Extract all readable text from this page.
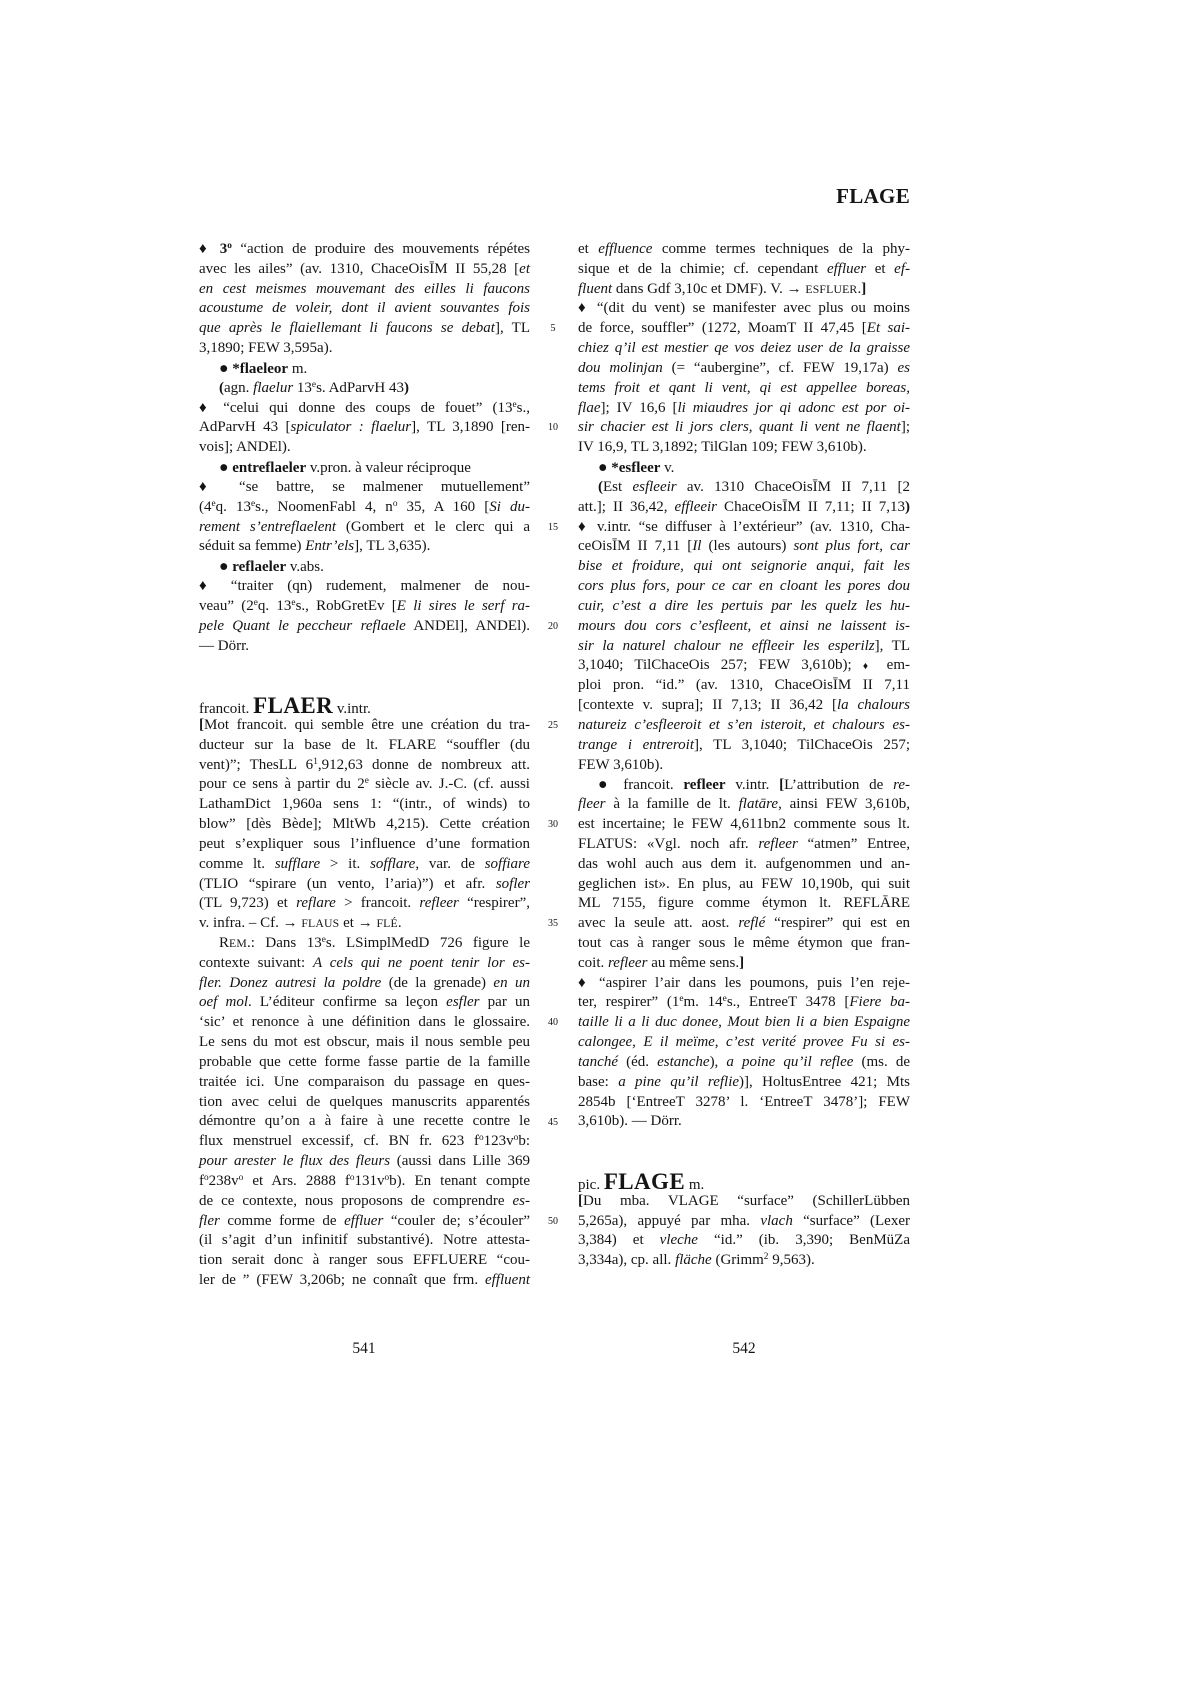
FLAGE
♦ 3$^o$ “action de produire des mouvements répétes
avec les ailes” (av. 1310, ChaceOisĪM II 55,28 [et
en cest meismes mouvemant des eilles li faucons
acoustume de voleir, dont il avient souvantes fois
que après le flaiellemant li faucons se debat], TL
3,1890; FEW 3,595a).
● *flaeleor m.
(agn. flaelur 13es. AdParvH 43)
♦ “celui qui donne des coups de fouet” (13es.,
AdParvH 43 [spiculator : flaelur], TL 3,1890 [ren-
vois]; ANDEl).
● entreflaeler v.pron. à valeur réciproque
♦ “se battre, se malmener mutuellement”
(4eq. 13es., NoomenFabl 4, $n^o$ 35, A 160 [Si du-
rement s’entreflaelent (Gombert et le clerc qui a
séduit sa femme) Entr’els], TL 3,635).
● reflaeler v.abs.
♦ “traiter (qn) rudement, malmener de nou-
veau” (2eq. 13es., RobGretEv [E li sires le serf ra-
pele Quant le peccheur reflaele ANDEl], ANDEl).
— Dörr.
francoit. FLAER v.intr.
[Mot francoit. qui semble être une création du tra-
ducteur sur la base de lt. FLARE “souffler (du
vent)”; ThesLL $6^1,912,63$ donne de nombreux att.
pour ce sens à partir du 2e siècle av. J.-C. (cf. aussi
LathamDict 1,960a sens 1: “(intr., of winds) to
blow” [dès Bède]; MltWb 4,215). Cette création
peut s’expliquer sous l’influence d’une formation
comme lt. sufflare > it. sofflare, var. de soffiare
(TLIO “spirare (un vento, l’aria)”) et afr. sofler
(TL 9,723) et reflare > francoit. refleer “respirer”,
v. infra. – Cf. → FLAUS et → FLÉ.
REM.: Dans 13es. LSimplMedD 726 figure le
contexte suivant: A cels qui ne poent tenir lor es-
fler. Donez autresi la poldre (de la grenade) en un
oef mol. L’éditeur confirme sa leçon esfler par un
‘sic’ et renonce à une définition dans le glossaire.
Le sens du mot est obscur, mais il nous semble peu
probable que cette forme fasse partie de la famille
traitée ici. Une comparaison du passage en ques-
tion avec celui de quelques manuscrits apparentés
démontre qu’on a à faire à une recette contre le
flux menstruel excessif, cf. BN fr. 623 $f^o123v^ob$:
pour arester le flux des fleurs (aussi dans Lille 369
$f^o238v^o$ et Ars. 2888 $f^o131v^ob$). En tenant compte
de ce contexte, nous proposons de comprendre es-
fler comme forme de effluer “couler de; s’écouler”
(il s’agit d’un infinitif substantivé). Notre attesta-
tion serait donc à ranger sous EFFLUERE “cou-
ler de ” (FEW 3,206b; ne connaît que frm. effluent
5
10
15
20
25
30
35
40
45
50
et effluence comme termes techniques de la phy-
sique et de la chimie; cf. cependant effluer et ef-
fluent dans Gdf 3,10c et DMF). V. → ESFLUER.]
♦ “(dit du vent) se manifester avec plus ou moins
de force, souffler” (1272, MoamT II 47,45 [Et sai-
chiez q’il est mestier qe vos deiez user de la graisse
dou molinjan (= “aubergine”, cf. FEW 19,17a) es
tems froit et qant li vent, qi est appellee boreas,
flae]; IV 16,6 [li miaudres jor qi adonc est por oi-
sir chacier est li jors clers, quant li vent ne flaent];
IV 16,9, TL 3,1892; TilGlan 109; FEW 3,610b).
● *esfleer v.
(Est esfleeir av. 1310 ChaceOisĪM II 7,11 [2
att.]; II 36,42, effleeir ChaceOisĪM II 7,11; II 7,13)
♦ v.intr. “se diffuser à l’extérieur” (av. 1310, Cha-
ceOisĪM II 7,11 [Il (les autours) sont plus fort, car
bise et froidure, qui ont seignorie anqui, fait les
cors plus fors, pour ce car en cloant les pores dou
cuir, c’est a dire les pertuis par les quelz les hu-
mours dou cors c’esfleent, et ainsi ne laissent is-
sir la naturel chalour ne effleeir les esperilz], TL
3,1040; TilChaceOis 257; FEW 3,610b); ♦ em-
ploi pron. “id.” (av. 1310, ChaceOisĪM II 7,11
[contexte v. supra]; II 7,13; II 36,42 [la chalours
natureiz c’esfleeroit et s’en isteroit, et chalours es-
trange i entreroit], TL 3,1040; TilChaceOis 257;
FEW 3,610b).
● francoit. refleer v.intr. [L’attribution de re-
fleer à la famille de lt. flatāre, ainsi FEW 3,610b,
est incertaine; le FEW 4,611bn2 commente sous lt.
FLATUS: «Vgl. noch afr. refleer “atmen” Entree,
das wohl auch aus dem it. aufgenommen und an-
geglichen ist». En plus, au FEW 10,190b, qui suit
ML 7155, figure comme étymon lt. REFLĀRE
avec la seule att. aost. reflé “respirer” qui est en
tout cas à ranger sous le même étymon que fran-
coit. refleer au même sens.]
♦ “aspirer l’air dans les poumons, puis l’en reje-
ter, respirer” (1em. 14es., EntreeT 3478 [Fiere ba-
taille li a li duc donee, Mout bien li a bien Espaigne
calongee, E il meïme, c’est verité provee Fu si es-
tanché (éd. estanche), a poine qu’il reflee (ms. de
base: a pine qu’il reflie)], HoltusEntree 421; Mts
2854b [‘EntreeT 3278’ l. ‘EntreeT 3478’]; FEW
3,610b). — Dörr.
pic. FLAGE m.
[Du mba. VLAGE “surface” (SchillerLübben
5,265a), appuyé par mha. vlach “surface” (Lexer
3,384) et vleche “id.” (ib. 3,390; BenMüZa
3,334a), cp. all. fläche (Grimm$^2$ 9,563).
541	542
